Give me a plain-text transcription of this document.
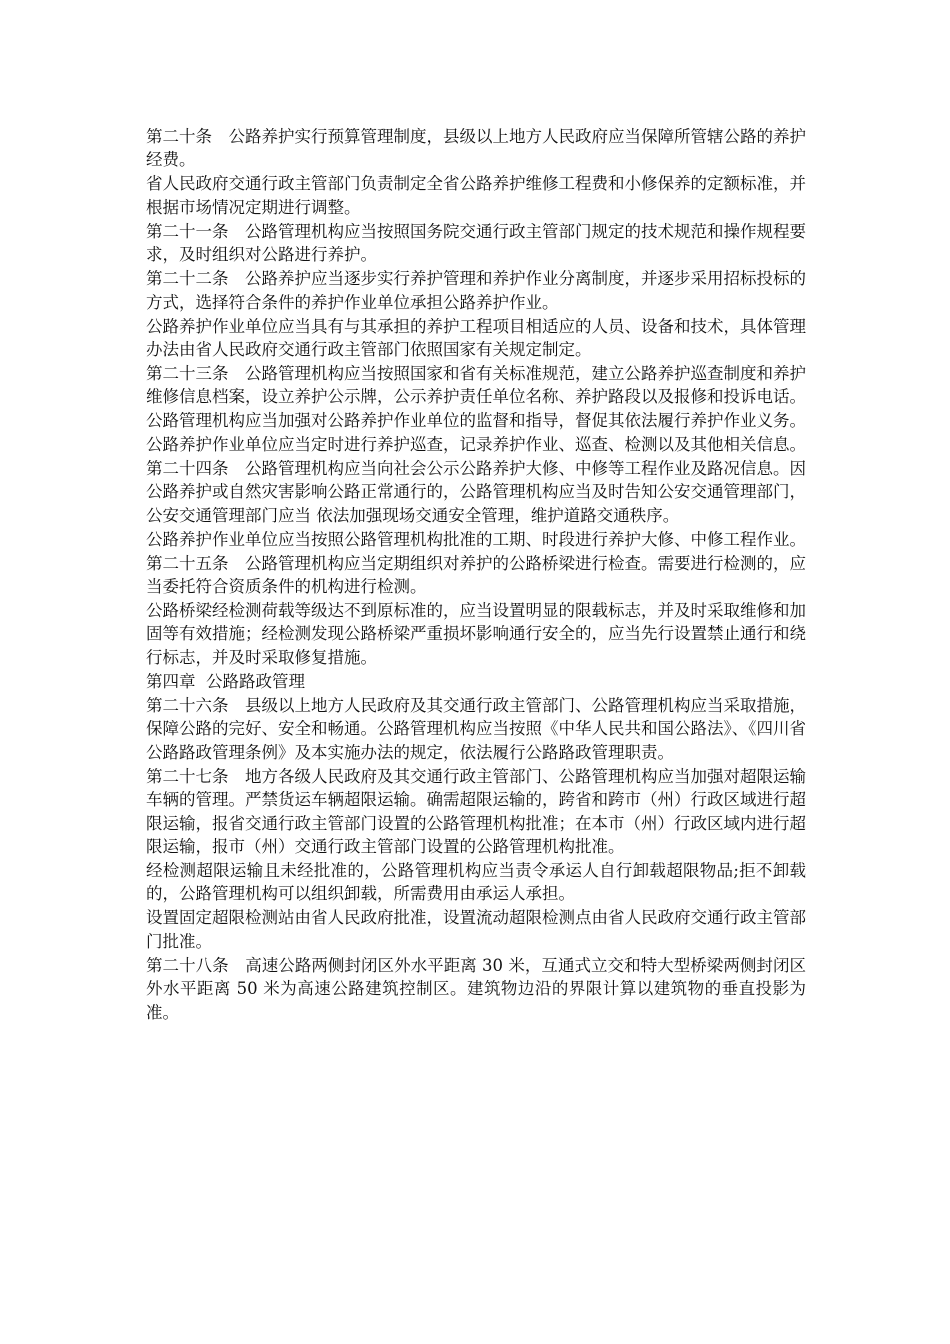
第二十条　公路养护实行预算管理制度，县级以上地方人民政府应当保障所管辖公路的养护经费。

省人民政府交通行政主管部门负责制定全省公路养护维修工程费和小修保养的定额标准，并根据市场情况定期进行调整。

第二十一条　公路管理机构应当按照国务院交通行政主管部门规定的技术规范和操作规程要求，及时组织对公路进行养护。

第二十二条　公路养护应当逐步实行养护管理和养护作业分离制度，并逐步采用招标投标的方式，选择符合条件的养护作业单位承担公路养护作业。

公路养护作业单位应当具有与其承担的养护工程项目相适应的人员、设备和技术，具体管理办法由省人民政府交通行政主管部门依照国家有关规定制定。

第二十三条　公路管理机构应当按照国家和省有关标准规范，建立公路养护巡查制度和养护维修信息档案，设立养护公示牌，公示养护责任单位名称、养护路段以及报修和投诉电话。

公路管理机构应当加强对公路养护作业单位的监督和指导，督促其依法履行养护作业义务。公路养护作业单位应当定时进行养护巡查，记录养护作业、巡查、检测以及其他相关信息。

第二十四条　公路管理机构应当向社会公示公路养护大修、中修等工程作业及路况信息。因公路养护或自然灾害影响公路正常通行的，公路管理机构应当及时告知公安交通管理部门，公安交通管理部门应当 依法加强现场交通安全管理，维护道路交通秩序。

公路养护作业单位应当按照公路管理机构批准的工期、时段进行养护大修、中修工程作业。

第二十五条　公路管理机构应当定期组织对养护的公路桥梁进行检查。需要进行检测的，应当委托符合资质条件的机构进行检测。

公路桥梁经检测荷载等级达不到原标准的，应当设置明显的限载标志，并及时采取维修和加固等有效措施；经检测发现公路桥梁严重损坏影响通行安全的，应当先行设置禁止通行和绕行标志，并及时采取修复措施。

第四章  公路路政管理

第二十六条　县级以上地方人民政府及其交通行政主管部门、公路管理机构应当采取措施，保障公路的完好、安全和畅通。公路管理机构应当按照《中华人民共和国公路法》、《四川省公路路政管理条例》及本实施办法的规定，依法履行公路路政管理职责。

第二十七条　地方各级人民政府及其交通行政主管部门、公路管理机构应当加强对超限运输车辆的管理。严禁货运车辆超限运输。确需超限运输的，跨省和跨市（州）行政区域进行超限运输，报省交通行政主管部门设置的公路管理机构批准；在本市（州）行政区域内进行超限运输，报市（州）交通行政主管部门设置的公路管理机构批准。

经检测超限运输且未经批准的，公路管理机构应当责令承运人自行卸载超限物品;拒不卸载的，公路管理机构可以组织卸载，所需费用由承运人承担。

设置固定超限检测站由省人民政府批准，设置流动超限检测点由省人民政府交通行政主管部门批准。

第二十八条　高速公路两侧封闭区外水平距离 30 米，互通式立交和特大型桥梁两侧封闭区外水平距离 50 米为高速公路建筑控制区。建筑物边沿的界限计算以建筑物的垂直投影为准。
